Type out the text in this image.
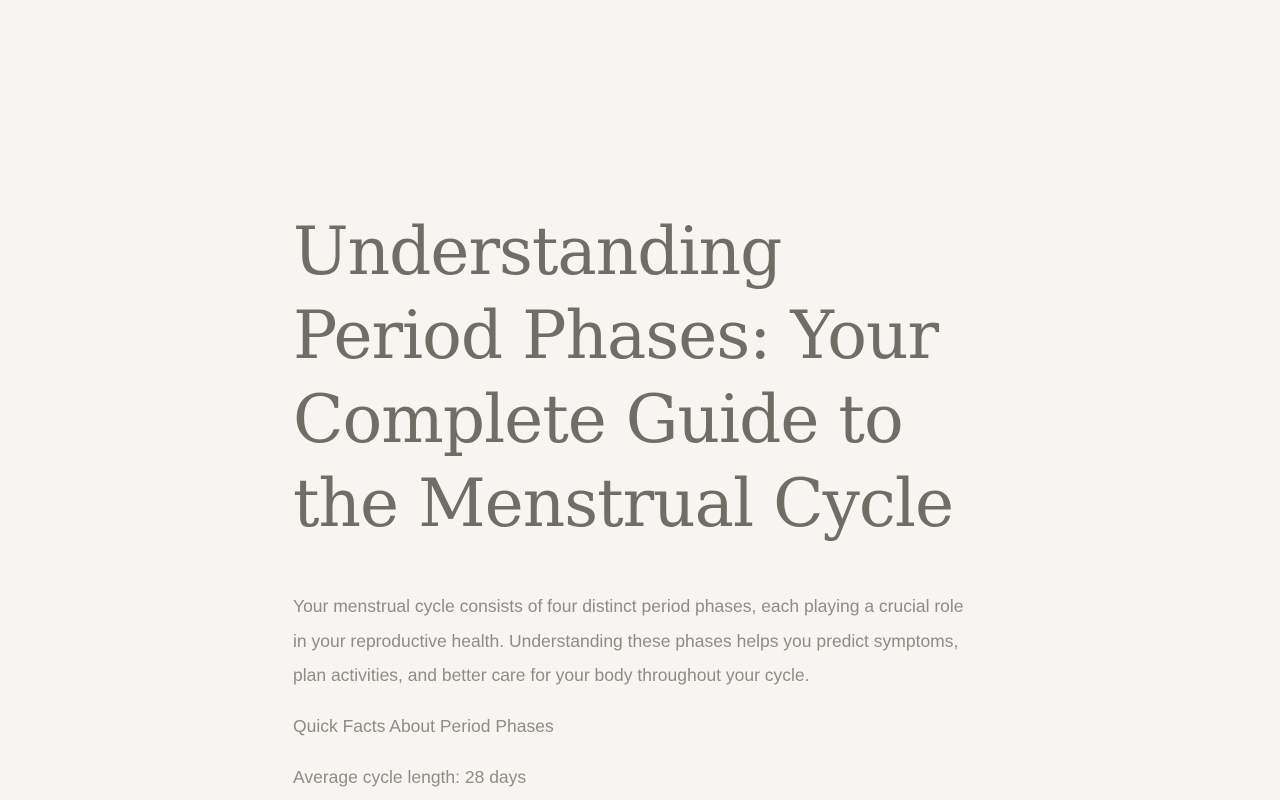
Understanding Period Phases: Your Complete Guide to the Menstrual Cycle

Your menstrual cycle consists of four distinct period phases, each playing a crucial role in your reproductive health. Understanding these phases helps you predict symptoms, plan activities, and better care for your body throughout your cycle.

Quick Facts About Period Phases

Average cycle length: 28 days
